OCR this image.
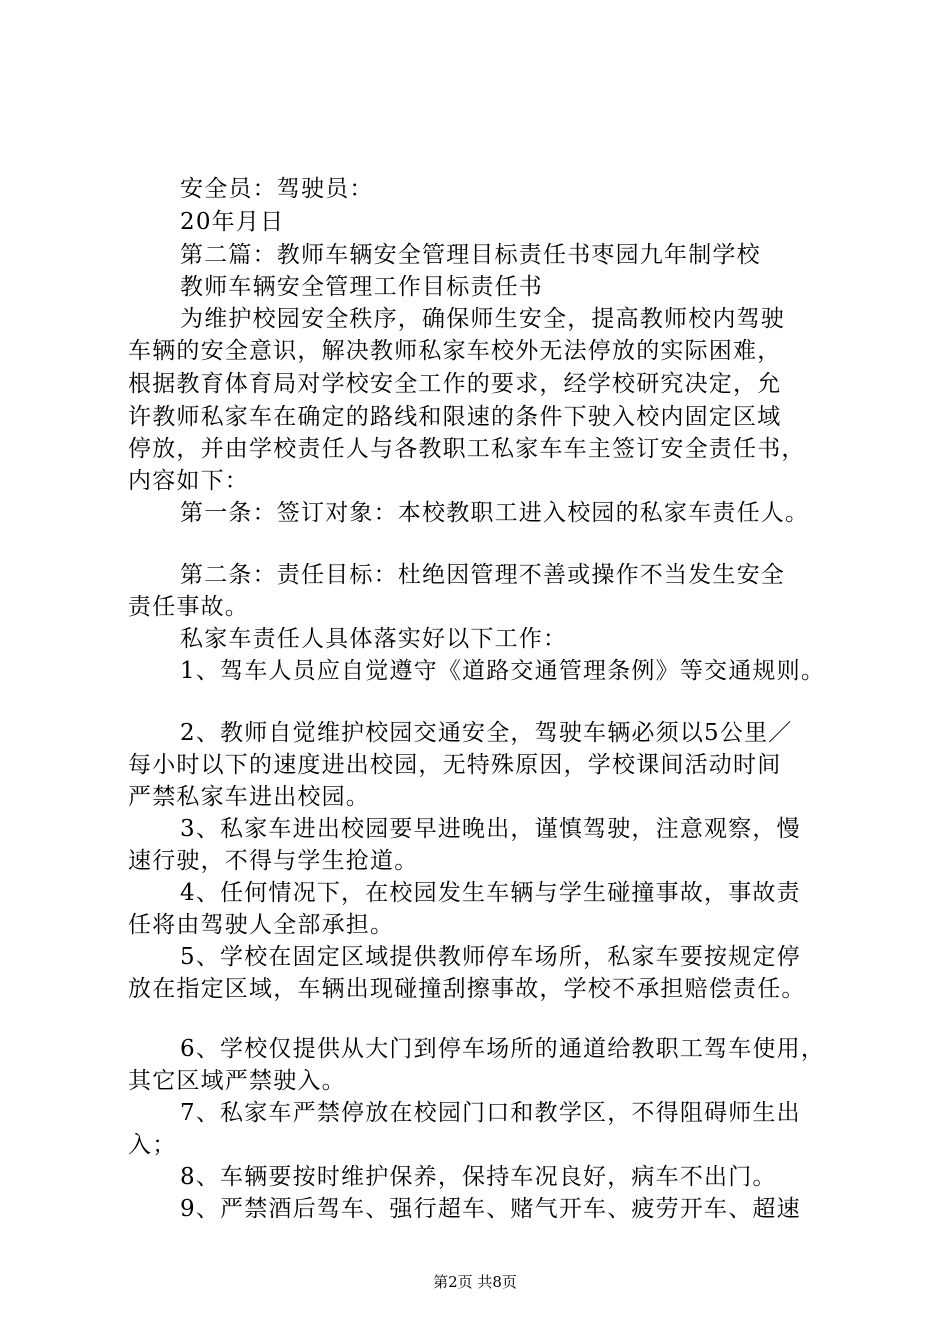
安全员：驾驶员：
20年月日
第二篇：教师车辆安全管理目标责任书枣园九年制学校
教师车辆安全管理工作目标责任书
为维护校园安全秩序，确保师生安全，提高教师校内驾驶
车辆的安全意识，解决教师私家车校外无法停放的实际困难，
根据教育体育局对学校安全工作的要求，经学校研究决定，允
许教师私家车在确定的路线和限速的条件下驶入校内固定区域
停放，并由学校责任人与各教职工私家车车主签订安全责任书，
内容如下：
第一条：签订对象：本校教职工进入校园的私家车责任人。
第二条：责任目标：杜绝因管理不善或操作不当发生安全
责任事故。
私家车责任人具体落实好以下工作：
1、驾车人员应自觉遵守《道路交通管理条例》等交通规则。
2、教师自觉维护校园交通安全，驾驶车辆必须以5公里／
每小时以下的速度进出校园，无特殊原因，学校课间活动时间
严禁私家车进出校园。
3、私家车进出校园要早进晚出，谨慎驾驶，注意观察，慢
速行驶，不得与学生抢道。
4、任何情况下，在校园发生车辆与学生碰撞事故，事故责
任将由驾驶人全部承担。
5、学校在固定区域提供教师停车场所，私家车要按规定停
放在指定区域，车辆出现碰撞刮擦事故，学校不承担赔偿责任。
6、学校仅提供从大门到停车场所的通道给教职工驾车使用，
其它区域严禁驶入。
7、私家车严禁停放在校园门口和教学区，不得阻碍师生出
入；
8、车辆要按时维护保养，保持车况良好，病车不出门。
9、严禁酒后驾车、强行超车、赌气开车、疲劳开车、超速
第2页 共8页
